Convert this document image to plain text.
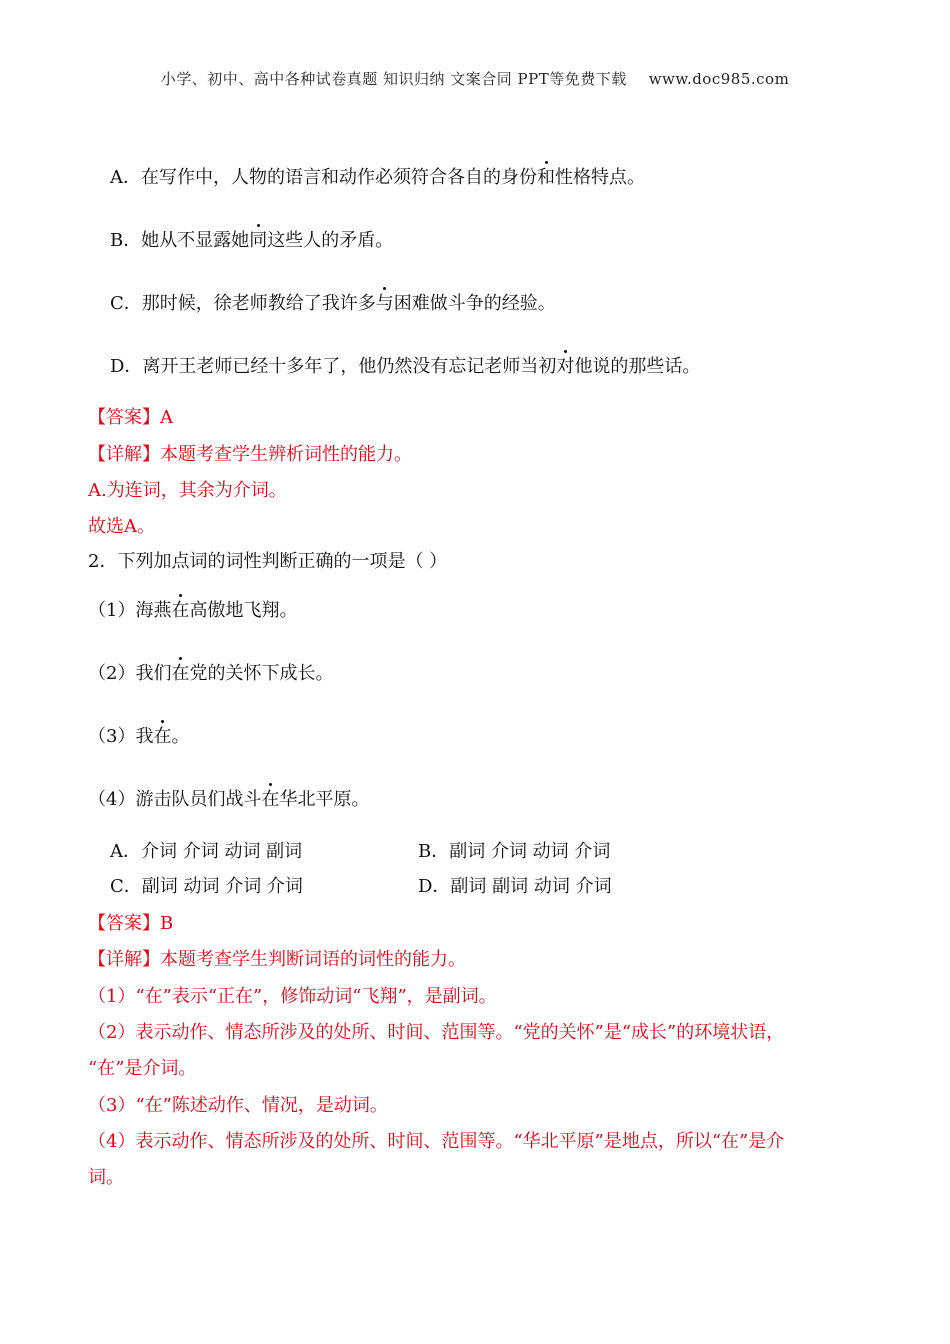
小学、初中、高中各种试卷真题 知识归纳 文案合同 PPT等免费下载 www.doc985.com
A．在写作中，人物的语言和动作必须符合各自的身份和性格特点。
B．她从不显露她同这些人的矛盾。
C．那时候，徐老师教给了我许多与困难做斗争的经验。
D．离开王老师已经十多年了，他仍然没有忘记老师当初对他说的那些话。
【答案】A
【详解】本题考查学生辨析词性的能力。
A.为连词，其余为介词。
故选A。
2．下列加点词的词性判断正确的一项是（ ）
（1）海燕在高傲地飞翔。
（2）我们在党的关怀下成长。
（3）我在。
（4）游击队员们战斗在华北平原。
A．介词 介词 动词 副词	B．副词 介词 动词 介词
C．副词 动词 介词 介词	D．副词 副词 动词 介词
【答案】B
【详解】本题考查学生判断词语的词性的能力。
（1）“在”表示“正在”，修饰动词“飞翔”，是副词。
（2）表示动作、情态所涉及的处所、时间、范围等。“党的关怀”是“成长”的环境状语，
“在”是介词。
（3）“在”陈述动作、情况，是动词。
（4）表示动作、情态所涉及的处所、时间、范围等。“华北平原”是地点，所以“在”是介
词。
